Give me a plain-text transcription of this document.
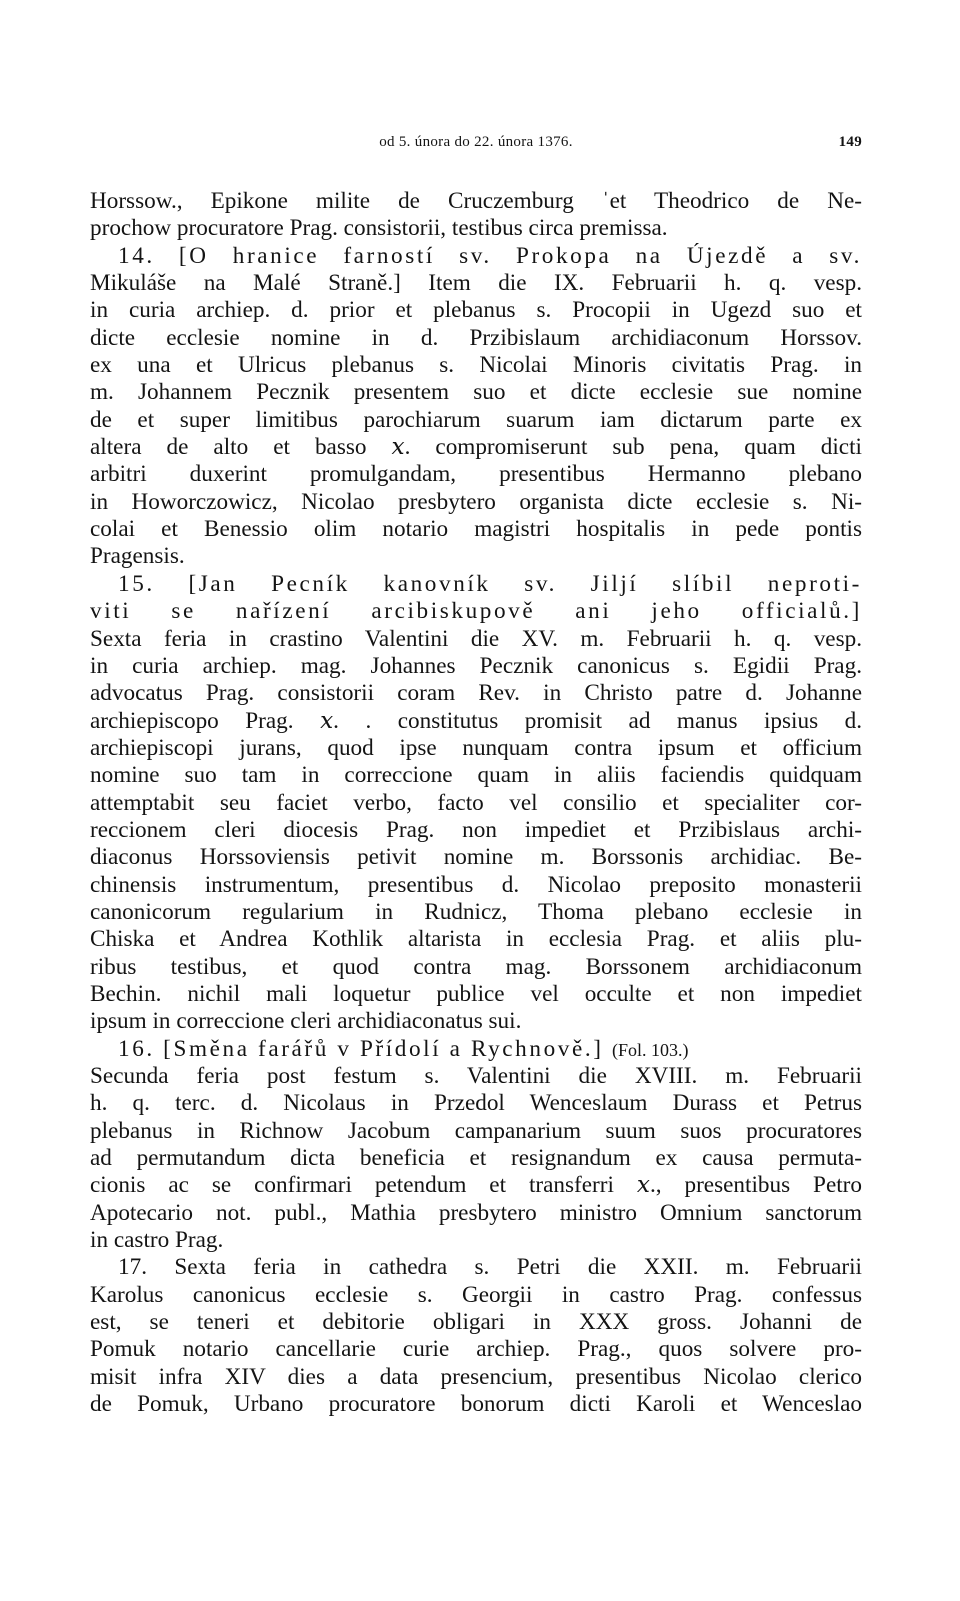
od 5. února do 22. února 1376.	149
Horssow., Epikone milite de Cruczemburg ˈet Theodrico de Ne-
prochow procuratore Prag. consistorii, testibus circa premissa.
14. [O hranice farností sv. Prokopa na Újezdě a sv.
Mikuláše na Malé Straně.] Item die IX. Februarii h. q. vesp.
in curia archiep. d. prior et plebanus s. Procopii in Ugezd suo et
dicte ecclesie nomine in d. Przibislaum archidiaconum Horssov.
ex una et Ulricus plebanus s. Nicolai Minoris civitatis Prag. in
m. Johannem Pecznik presentem suo et dicte ecclesie sue nomine
de et super limitibus parochiarum suarum iam dictarum parte ex
altera de alto et basso 𝑥. compromiserunt sub pena, quam dicti
arbitri duxerint promulgandam, presentibus Hermanno plebano
in Howorczowicz, Nicolao presbytero organista dicte ecclesie s. Ni-
colai et Benessio olim notario magistri hospitalis in pede pontis
Pragensis.
15. [Jan Pecník kanovník sv. Jiljí slíbil neproti-
viti se nařízení arcibiskupově ani jeho officialů.]
Sexta feria in crastino Valentini die XV. m. Februarii h. q. vesp.
in curia archiep. mag. Johannes Pecznik canonicus s. Egidii Prag.
advocatus Prag. consistorii coram Rev. in Christo patre d. Johanne
archiepiscopo Prag. 𝑥. . constitutus promisit ad manus ipsius d.
archiepiscopi jurans, quod ipse nunquam contra ipsum et officium
nomine suo tam in correccione quam in aliis faciendis quidquam
attemptabit seu faciet verbo, facto vel consilio et specialiter cor-
reccionem cleri diocesis Prag. non impediet et Przibislaus archi-
diaconus Horssoviensis petivit nomine m. Borssonis archidiac. Be-
chinensis instrumentum, presentibus d. Nicolao preposito monasterii
canonicorum regularium in Rudnicz, Thoma plebano ecclesie in
Chiska et Andrea Kothlik altarista in ecclesia Prag. et aliis plu-
ribus testibus, et quod contra mag. Borssonem archidiaconum
Bechin. nichil mali loquetur publice vel occulte et non impediet
ipsum in correccione cleri archidiaconatus sui.
16. [Směna farářů v Přídolí a Rychnově.] (Fol. 103.)
Secunda feria post festum s. Valentini die XVIII. m. Februarii
h. q. terc. d. Nicolaus in Przedol Wenceslaum Durass et Petrus
plebanus in Richnow Jacobum campanarium suum suos procuratores
ad permutandum dicta beneficia et resignandum ex causa permuta-
cionis ac se confirmari petendum et transferri 𝑥., presentibus Petro
Apotecario not. publ., Mathia presbytero ministro Omnium sanctorum
in castro Prag.
17. Sexta feria in cathedra s. Petri die XXII. m. Februarii
Karolus canonicus ecclesie s. Georgii in castro Prag. confessus
est, se teneri et debitorie obligari in XXX gross. Johanni de
Pomuk notario cancellarie curie archiep. Prag., quos solvere pro-
misit infra XIV dies a data presencium, presentibus Nicolao clerico
de Pomuk, Urbano procuratore bonorum dicti Karoli et Wenceslao
